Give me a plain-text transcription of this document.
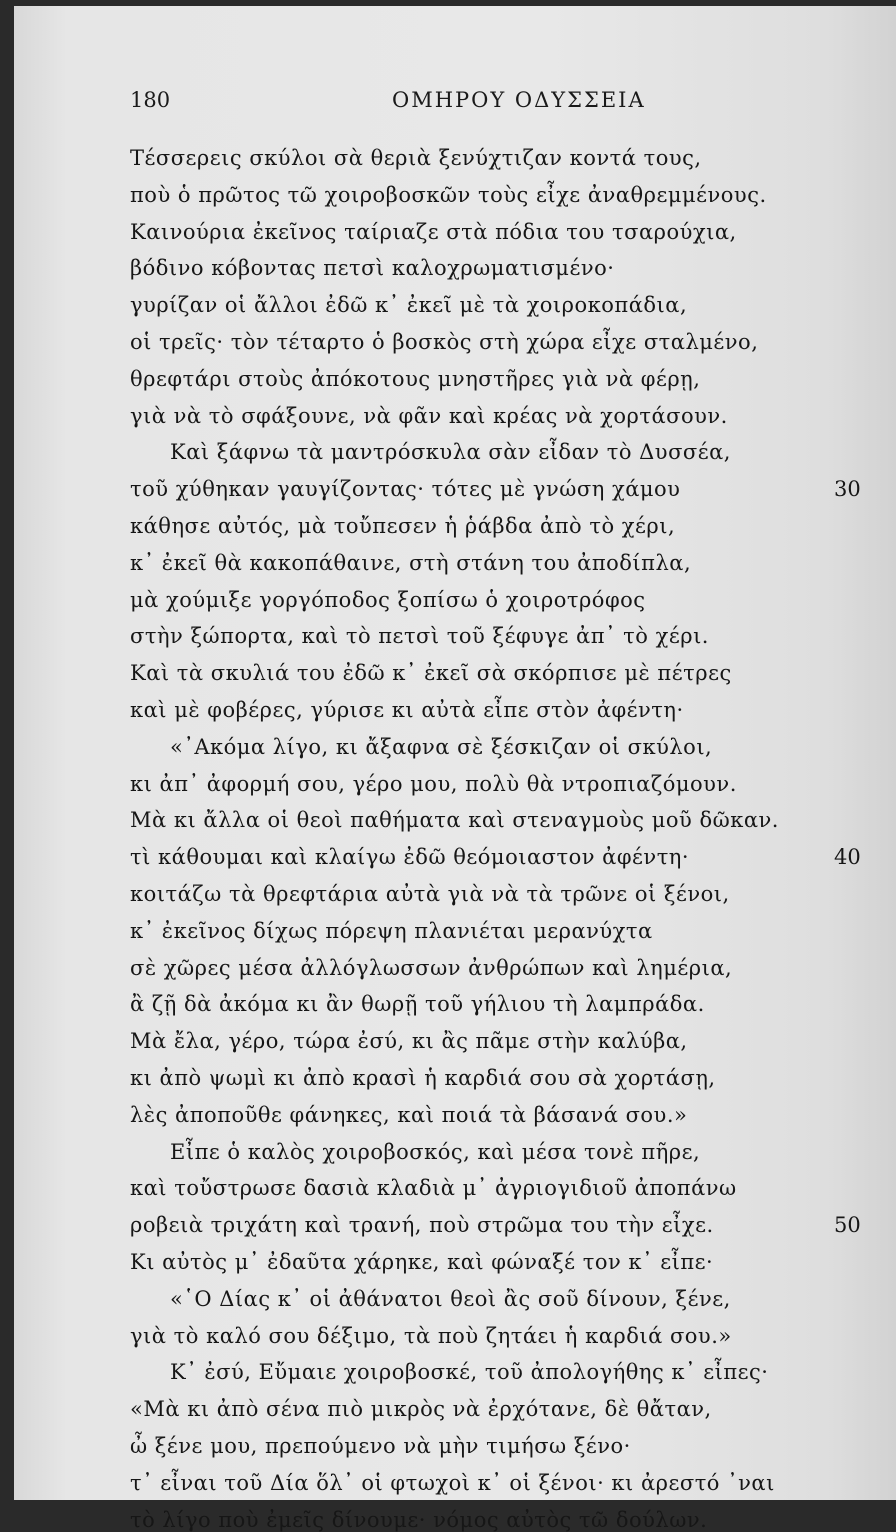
180	ΟΜΗΡΟΥ ΟΔΥΣΣΕΙΑ
Τέσσερεις σκύλοι σὰ θεριὰ ξενύχτιζαν κοντά τους,
ποὺ ὁ πρῶτος τῶ χοιροβοσκῶν τοὺς εἶχε ἀναθρεμμένους.
Καινούρια ἐκεῖνος ταίριαζε στὰ πόδια του τσαρούχια,
βόδινο κόβοντας πετσὶ καλοχρωματισμένο·
γυρίζαν οἱ ἄλλοι ἐδῶ κ᾿ ἐκεῖ μὲ τὰ χοιροκοπάδια,
οἱ τρεῖς· τὸν τέταρτο ὁ βοσκὸς στὴ χώρα εἶχε σταλμένο,
θρεφτάρι στοὺς ἀπόκοτους μνηστῆρες γιὰ νὰ φέρῃ,
γιὰ νὰ τὸ σφάξουνε, νὰ φᾶν καὶ κρέας νὰ χορτάσουν.
Καὶ ξάφνω τὰ μαντρόσκυλα σὰν εἶδαν τὸ Δυσσέα,
τοῦ χύθηκαν γαυγίζοντας· τότες μὲ γνώση χάμου
κάθησε αὐτός, μὰ τοὔπεσεν ἡ ῥάβδα ἀπὸ τὸ χέρι,
κ᾿ ἐκεῖ θὰ κακοπάθαινε, στὴ στάνη του ἀποδίπλα,
μὰ χούμιξε γοργόποδος ξοπίσω ὁ χοιροτρόφος
στὴν ξώπορτα, καὶ τὸ πετσὶ τοῦ ξέφυγε ἀπ᾿ τὸ χέρι.
Καὶ τὰ σκυλιά του ἐδῶ κ᾿ ἐκεῖ σὰ σκόρπισε μὲ πέτρες
καὶ μὲ φοβέρες, γύρισε κι αὐτὰ εἶπε στὸν ἀφέντη·
«᾿Ακόμα λίγο, κι ἄξαφνα σὲ ξέσκιζαν οἱ σκύλοι,
κι ἀπ᾿ ἀφορμή σου, γέρο μου, πολὺ θὰ ντροπιαζόμουν.
Μὰ κι ἄλλα οἱ θεοὶ παθήματα καὶ στεναγμοὺς μοῦ δῶκαν.
τὶ κάθουμαι καὶ κλαίγω ἐδῶ θεόμοιαστον ἀφέντη·
κοιτάζω τὰ θρεφτάρια αὐτὰ γιὰ νὰ τὰ τρῶνε οἱ ξένοι,
κ᾿ ἐκεῖνος δίχως πόρεψη πλανιέται μερανύχτα
σὲ χῶρες μέσα ἀλλόγλωσσων ἀνθρώπων καὶ λημέρια,
ἂ ζῇ δὰ ἀκόμα κι ἂν θωρῇ τοῦ γήλιου τὴ λαμπράδα.
Μὰ ἔλα, γέρο, τώρα ἐσύ, κι ἂς πᾶμε στὴν καλύβα,
κι ἀπὸ ψωμὶ κι ἀπὸ κρασὶ ἡ καρδιά σου σὰ χορτάσῃ,
λὲς ἀποποῦθε φάνηκες, καὶ ποιά τὰ βάσανά σου.»
Εἶπε ὁ καλὸς χοιροβοσκός, καὶ μέσα τονὲ πῆρε,
καὶ τοὔστρωσε δασιὰ κλαδιὰ μ᾿ ἀγριογιδιοῦ ἀποπάνω
ροβειὰ τριχάτη καὶ τρανή, ποὺ στρῶμα του τὴν εἶχε.
Κι αὐτὸς μ᾿ ἐδαῦτα χάρηκε, καὶ φώναξέ τον κ᾿ εἶπε·
«῾Ο Δίας κ᾿ οἱ ἀθάνατοι θεοὶ ἂς σοῦ δίνουν, ξένε,
γιὰ τὸ καλό σου δέξιμο, τὰ ποὺ ζητάει ἡ καρδιά σου.»
Κ᾿ ἐσύ, Εὔμαιε χοιροβοσκέ, τοῦ ἀπολογήθης κ᾿ εἶπες·
«Μὰ κι ἀπὸ σένα πιὸ μικρὸς νὰ ἐρχότανε, δὲ θἄταν,
ὦ ξένε μου, πρεπούμενο νὰ μὴν τιμήσω ξένο·
τ᾿ εἶναι τοῦ Δία ὅλ᾿ οἱ φτωχοὶ κ᾿ οἱ ξένοι· κι ἀρεστό ᾿ναι
τὸ λίγο ποὺ ἐμεῖς δίνουμε· νόμος αὐτὸς τῶ δούλων.
30
40
50
